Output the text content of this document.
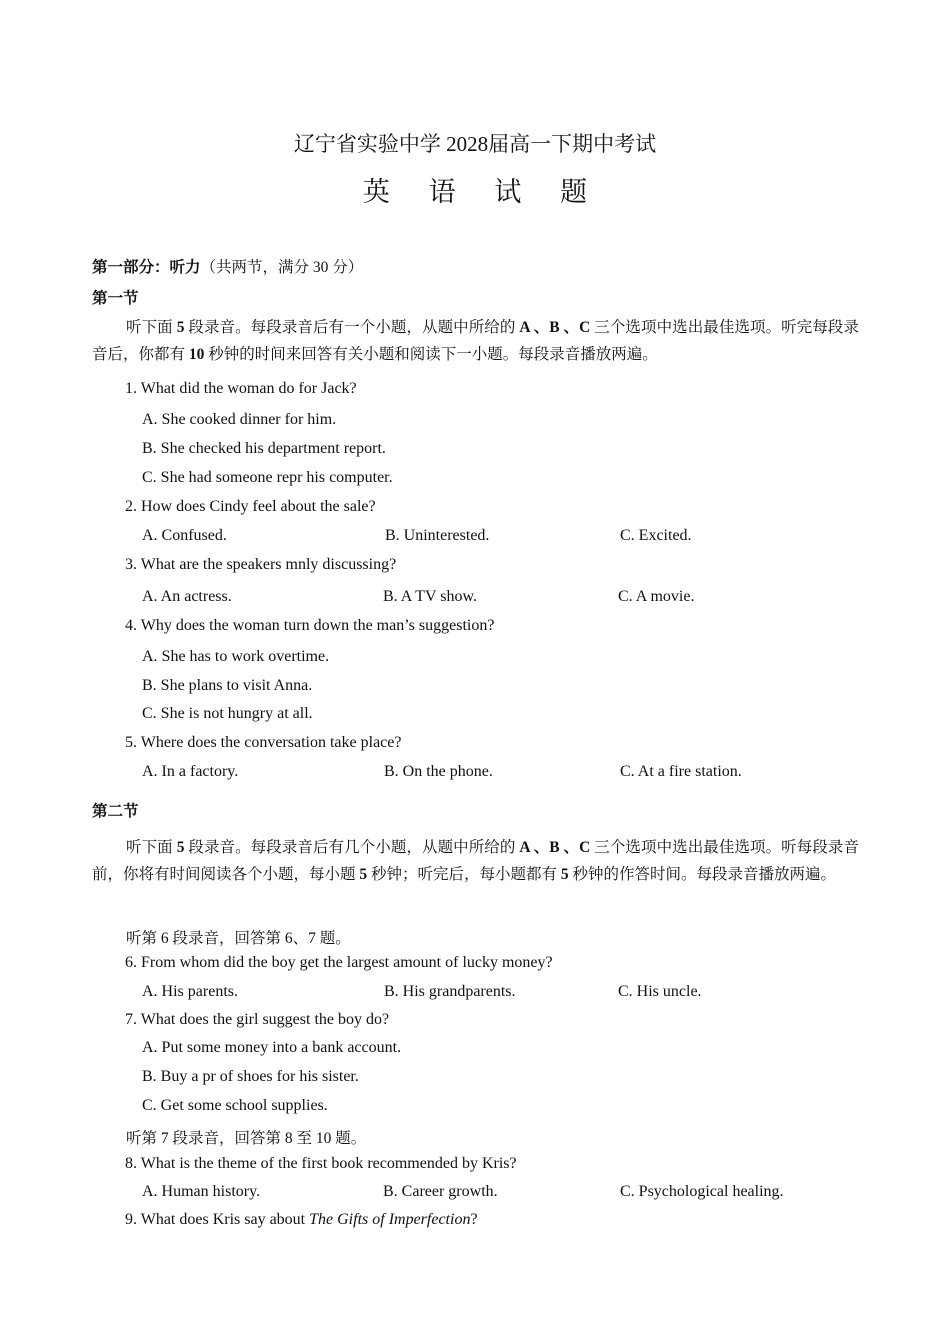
辽宁省实验中学 2028届高一下期中考试
英 语 试 题
第一部分：听力（共两节，满分 30 分）
第一节
听下面 5 段录音。每段录音后有一个小题，从题中所给的 A 、B 、C 三个选项中选出最佳选项。听完每段录音后，你都有 10 秒钟的时间来回答有关小题和阅读下一小题。每段录音播放两遍。
1. What did the woman do for Jack?
A. She cooked dinner for him.
B. She checked his department report.
C. She had someone repr his computer.
2. How does Cindy feel about the sale?
A. Confused.	B. Uninterested.	C. Excited.
3. What are the speakers mnly discussing?
A. An actress.	B. A TV show.	C. A movie.
4. Why does the woman turn down the man’s suggestion?
A. She has to work overtime.
B. She plans to visit Anna.
C. She is not hungry at all.
5. Where does the conversation take place?
A. In a factory.	B. On the phone.	C. At a fire station.
第二节
听下面 5 段录音。每段录音后有几个小题，从题中所给的 A 、B 、C 三个选项中选出最佳选项。听每段录音前，你将有时间阅读各个小题，每小题 5 秒钟；听完后，每小题都有 5 秒钟的作答时间。每段录音播放两遍。
听第 6 段录音，回答第 6、7 题。
6. From whom did the boy get the largest amount of lucky money?
A. His parents.	B. His grandparents.	C. His uncle.
7. What does the girl suggest the boy do?
A. Put some money into a bank account.
B. Buy a pr of shoes for his sister.
C. Get some school supplies.
听第 7 段录音，回答第 8 至 10 题。
8. What is the theme of the first book recommended by Kris?
A. Human history.	B. Career growth.	C. Psychological healing.
9. What does Kris say about The Gifts of Imperfection?
